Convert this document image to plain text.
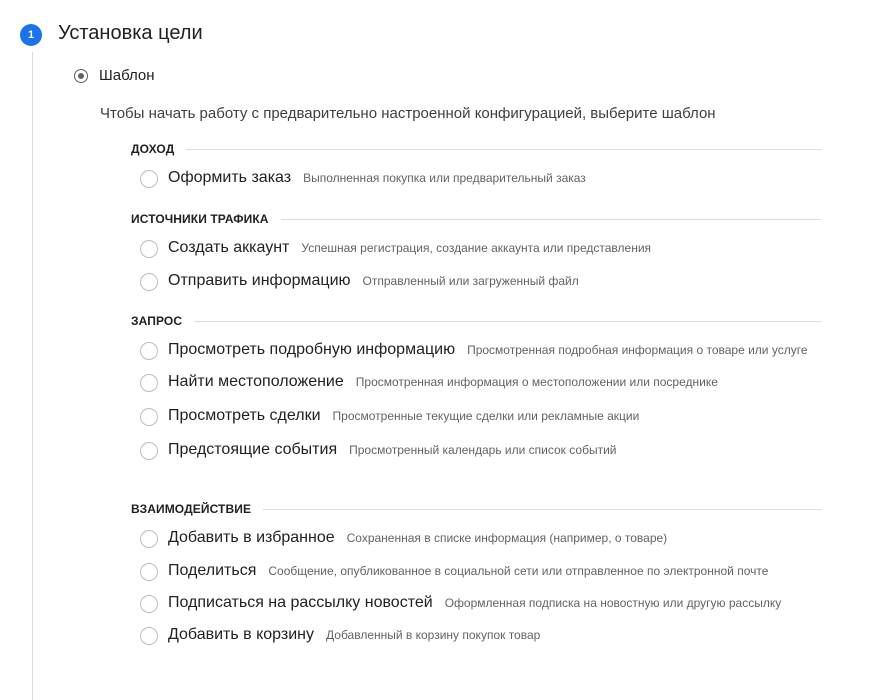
1	Установка цели
Шаблон
Чтобы начать работу с предварительно настроенной конфигурацией, выберите шаблон
ДОХОД
Оформить заказ Выполненная покупка или предварительный заказ
ИСТОЧНИКИ ТРАФИКА
Создать аккаунт Успешная регистрация, создание аккаунта или представления
Отправить информацию Отправленный или загруженный файл
ЗАПРОС
Просмотреть подробную информацию Просмотренная подробная информация о товаре или услуге
Найти местоположение Просмотренная информация о местоположении или посреднике
Просмотреть сделки Просмотренные текущие сделки или рекламные акции
Предстоящие события Просмотренный календарь или список событий
ВЗАИМОДЕЙСТВИЕ
Добавить в избранное Сохраненная в списке информация (например, о товаре)
Поделиться Сообщение, опубликованное в социальной сети или отправленное по электронной почте
Подписаться на рассылку новостей Оформленная подписка на новостную или другую рассылку
Добавить в корзину Добавленный в корзину покупок товар
